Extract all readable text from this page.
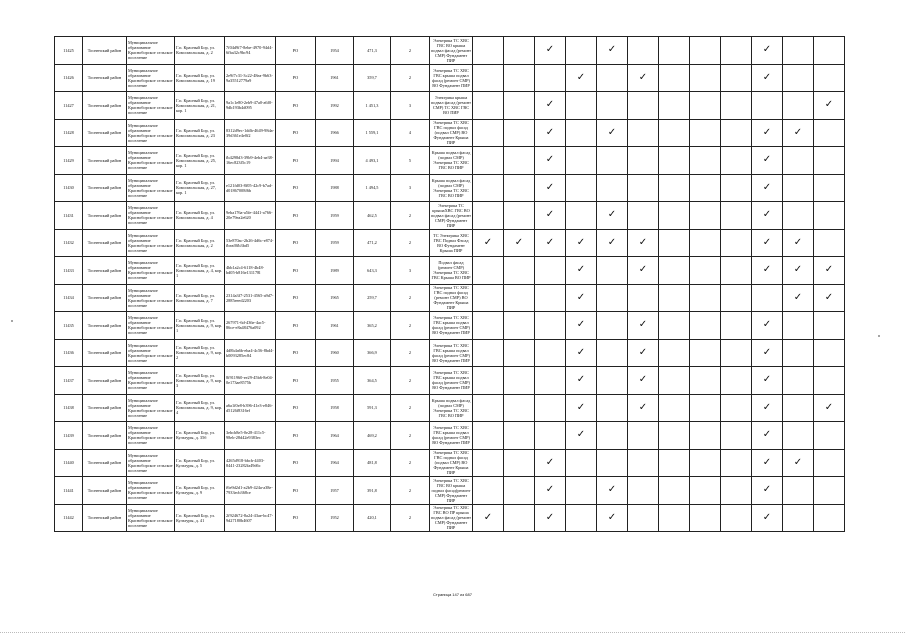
11425	Тосненский район	Муниципальное образование Красноборское сельское поселение	Г.п. Красный Бор, ул. Комсомольская, д. 2	7f04d9f7-8ebe-4970-94d4-6fba32c9bc94	РО	1954	471,3	2	Электрика ТС ХВС ГВС ВО крыша подвал фасад (ремонт СМР) Фундамент ПИР			✓		✓					✓		
11426	Тосненский район	Муниципальное образование Красноборское сельское поселение	Г.п. Красный Бор, ул. Комсомольская, д. 19	2e9f7c31-3c22-48ea-9b63-9a35512779a9	РО	1961	359,7	2	Электрика ТС ХВС ГВС крыша подвал фасад (ремонт СМР) ВО Фундамент ПИР				✓		✓				✓		
11427	Тосненский район	Муниципальное образование Красноборское сельское поселение	Г.п. Красный Бор, ул. Комсомольская, д. 21, кор. 1	9a1c1e80-2eb9-47a0-a6f0-9db193b4d095	РО	1992	1 451,3	3	Электрика крыша подвал фасад (ремонт СМР) ТС ХВС ГВС ВО ПИР			✓									✓
11428	Тосненский район	Муниципальное образование Красноборское сельское поселение	Г.п. Красный Бор, ул. Комсомольская, д. 23	8312d9ec-1ddb-4649-98da-39d361e4e0f2	РО	1966	1 559,1	4	Электрика ТС ХВС ГВС подвал фасад (подвал СМР) ВО Фундамент Крыша ПИР			✓		✓					✓	✓	
11429	Тосненский район	Муниципальное образование Красноборское сельское поселение	Г.п. Красный Бор, ул. Комсомольская, д. 25, кор. 1	fb4298d3-39b9-4eb4-ae38-16ec823f5c19	РО	1994	4 493,1	5	Крыша подвал фасад (подвал СМР) Электрика ТС ХВС ГВС ВО ПИР			✓							✓		
11430	Тосненский район	Муниципальное образование Красноборское сельское поселение	Г.п. Красный Бор, ул. Комсомольская, д. 27, кор. 1	e121fd03-8f05-42c9-b7ad-d01867008f6b	РО	1988	1 494,5	3	Крыша подвал фасад (подвал СМР) Электрика ТС ХВС ГВС ВО ПИР			✓							✓		
11431	Тосненский район	Муниципальное образование Красноборское сельское поселение	Г.п. Красный Бор, ул. Комсомольская, д. 4	9eba176a-a5fe-4441-a766-20e79ea2e620	РО	1959	462,5	2	Электрика ТС крышаХВС ГВС ВО подвал фасад (ремонт СМР) Фундамент ПИР			✓		✓					✓		
11432	Тосненский район	Муниципальное образование Красноборское сельское поселение	Г.п. Красный Бор, ул. Комсомольская, д. 2	53e870ac-2b26-4d6c-e874-fbeaf0fb3bd5	РО	1959	471,2	2	ТС Электрика ХВС ГВС Подвал Фасад ВО Фундамент Крыша ПИР	✓	✓	✓	✓	✓	✓				✓	✓	
11433	Тосненский район	Муниципальное образование Красноборское сельское поселение	Г.п. Красный Бор, ул. Комсомольская, д. 4, кор. 1	4bb1a2c4-6118-4b48-bd05-b816e131178l	РО	1989	643,3	3	Подвал фасад (ремонт СМР) Электрика ТС ХВС ГВС Крыша ВО ПИР				✓		✓				✓	✓	✓
11434	Тосненский район	Муниципальное образование Красноборское сельское поселение	Г.п. Красный Бор, ул. Комсомольская, д. 7	2314a3f7-2531-4565-a9d7-2885eeed2203	РО	1965	259,7	2	Электрика ТС ХВС ГВС подвал фасад (ремонт СМР) ВО Фундамент Крыша ПИР				✓							✓	✓
11435	Тосненский район	Муниципальное образование Красноборское сельское поселение	Г.п. Красный Бор, ул. Комсомольская, д. 9, кор. 1	267971-6d-436e-4ac5-86ce-e8a48476a092	РО	1961	365,2	2	Электрика ТС ХВС ГВС крыша подвал фасад (ремонт СМР) ВО Фундамент ПИР				✓		✓				✓		
11436	Тосненский район	Муниципальное образование Красноборское сельское поселение	Г.п. Красный Бор, ул. Комсомольская, д. 9, кор. 2	4d8b4a6b-eba4-4c56-8bd4-b0093285ec84	РО	1960	366,9	2	Электрика ТС ХВС ГВС крыша подвал фасад (ремонт СМР) ВО Фундамент ПИР				✓		✓				✓		
11437	Тосненский район	Муниципальное образование Красноборское сельское поселение	Г.п. Красный Бор, ул. Комсомольская, д. 9, кор. 3	8f911960-ee29-45b6-8e04-0e173ae8575b	РО	1955	364,5	2	Электрика ТС ХВС ГВС крыша подвал фасад (ремонт СМР) ВО Фундамент ПИР				✓		✓				✓		
11438	Тосненский район	Муниципальное образование Красноборское сельское поселение	Г.п. Красный Бор, ул. Комсомольская, д. 9, кор. 4	a6a1f0e8-b396-41e3-e846-d5126f8316ef	РО	1958	591,3	2	Крыша подвал фасад (подвал СМР) Электрика ТС ХВС ГВС ВО ПИР				✓		✓				✓		✓
11439	Тосненский район	Муниципальное образование Красноборское сельское поселение	Г.п. Красный Бор, ул. Культуры, д. 35б	3ebcb8e5-0e28-411c5-98eb-28d42e9383ec	РО	1964	469,2	2	Электрика ТС ХВС ГВС крыша подвал фасад (ремонт СМР) ВО Фундамент ПИР				✓						✓		
11440	Тосненский район	Муниципальное образование Красноборское сельское поселение	Г.п. Красный Бор, ул. Культуры, д. 5	4265d918-bbcb-4403-8441-23282fa49d6c	РО	1964	481,8	2	Электрика ТС ХВС ГВС подвал фасад (подвал СМР) ВО Фундамент Крыша ПИР			✓							✓	✓	
11441	Тосненский район	Муниципальное образование Красноборское сельское поселение	Г.п. Красный Бор, ул. Культуры, д. 9	f6e9d2d1-a2b9-424a-a38e-7933ecb368ce	РО	1957	391,8	2	Электрика ТС ХВС ГВС ВО крыша подвал фасад(ремонт СМР) Фундамент ПИР			✓		✓					✓		
11442	Тосненский район	Муниципальное образование Красноборское сельское поселение	Г.п. Красный Бор, ул. Культуры, д. 41	2f924672-8a24-43ae-bc47-9d27180b4607	РО	1952	420,1	2	Электрика ТС ХВС ГВС ВО ПР крыша подвал фасад (ремонт СМР) Фундамент ПИР	✓		✓		✓					✓		
Страница 147 из 687
